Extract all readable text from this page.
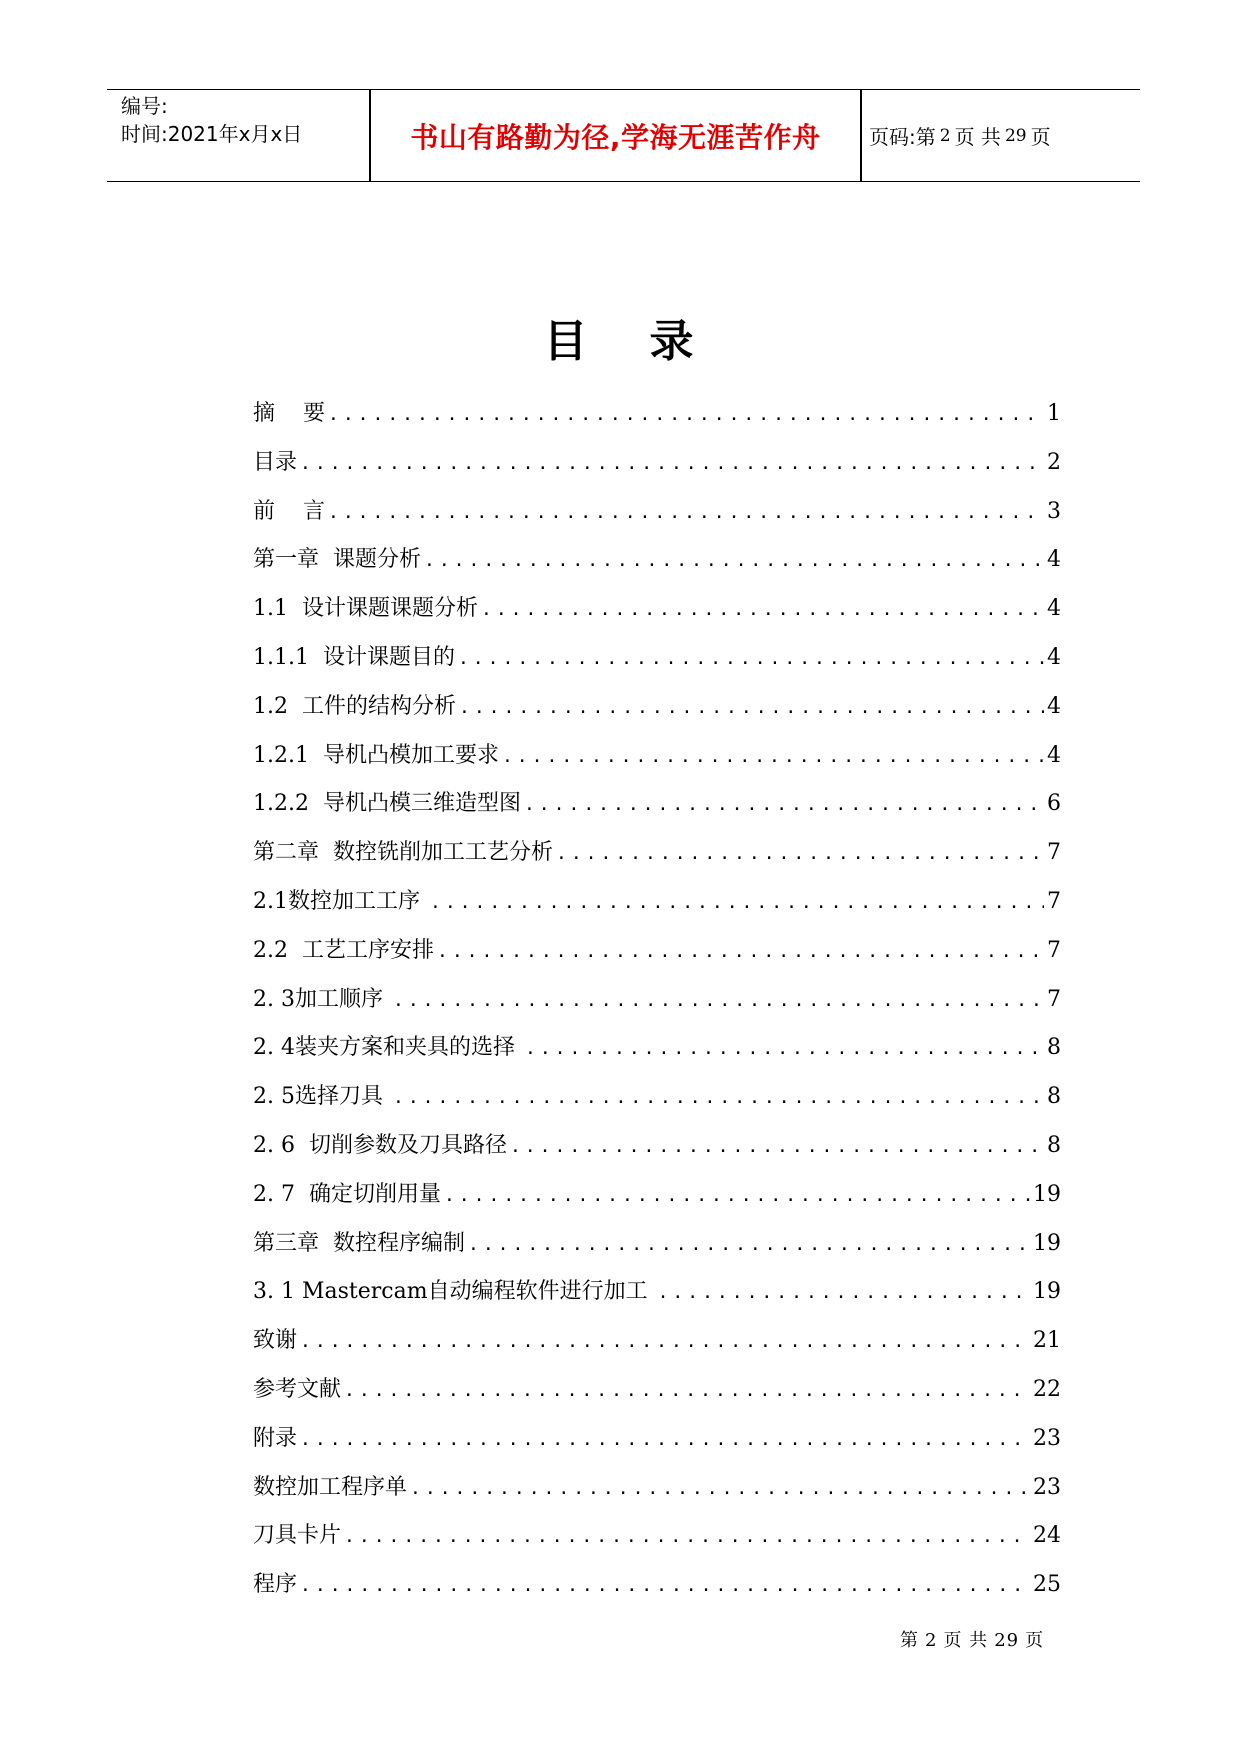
编号:
时间:2021年x月x日	书山有路勤为径,学海无涯苦作舟	页码:第 2 页 共 29 页
目   录
摘    要 .....	1
目录 .....	2
前    言 .....	3
第一章  课题分析 .....	4
1.1  设计课题课题分析 .....	4
1.1.1  设计课题目的 .....	4
1.2  工件的结构分析 .....	4
1.2.1  导机凸模加工要求 .....	4
1.2.2  导机凸模三维造型图 .....	6
第二章  数控铣削加工工艺分析 .....	7
2.1数控加工工序 .....	7
2.2  工艺工序安排 .....	7
2. 3加工顺序 .....	7
2. 4装夹方案和夹具的选择 .....	8
2. 5选择刀具 .....	8
2. 6  切削参数及刀具路径 .....	8
2. 7  确定切削用量 .....	19
第三章  数控程序编制 .....	19
3. 1 Mastercam自动编程软件进行加工 .....	19
致谢 .....	21
参考文献 .....	22
附录 .....	23
数控加工程序单 .....	23
刀具卡片 .....	24
程序 .....	25
第 2 页 共 29 页
